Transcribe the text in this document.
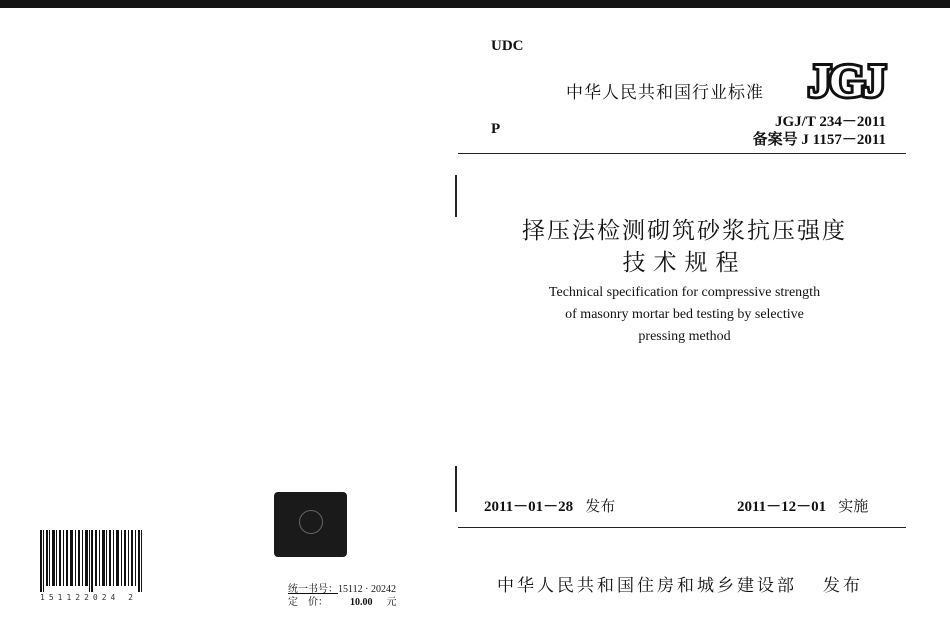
151122024 2
统一书号：15112 · 20242
定　价： 10.00 元
UDC
中华人民共和国行业标准 JGJ
P	JGJ/T 234－2011
备案号 J 1157－2011
择压法检测砌筑砂浆抗压强度
技术规程
Technical specification for compressive strength
of masonry mortar bed testing by selective
pressing method
2011－01－28 发布	2011－12－01 实施
中华人民共和国住房和城乡建设部 发布
